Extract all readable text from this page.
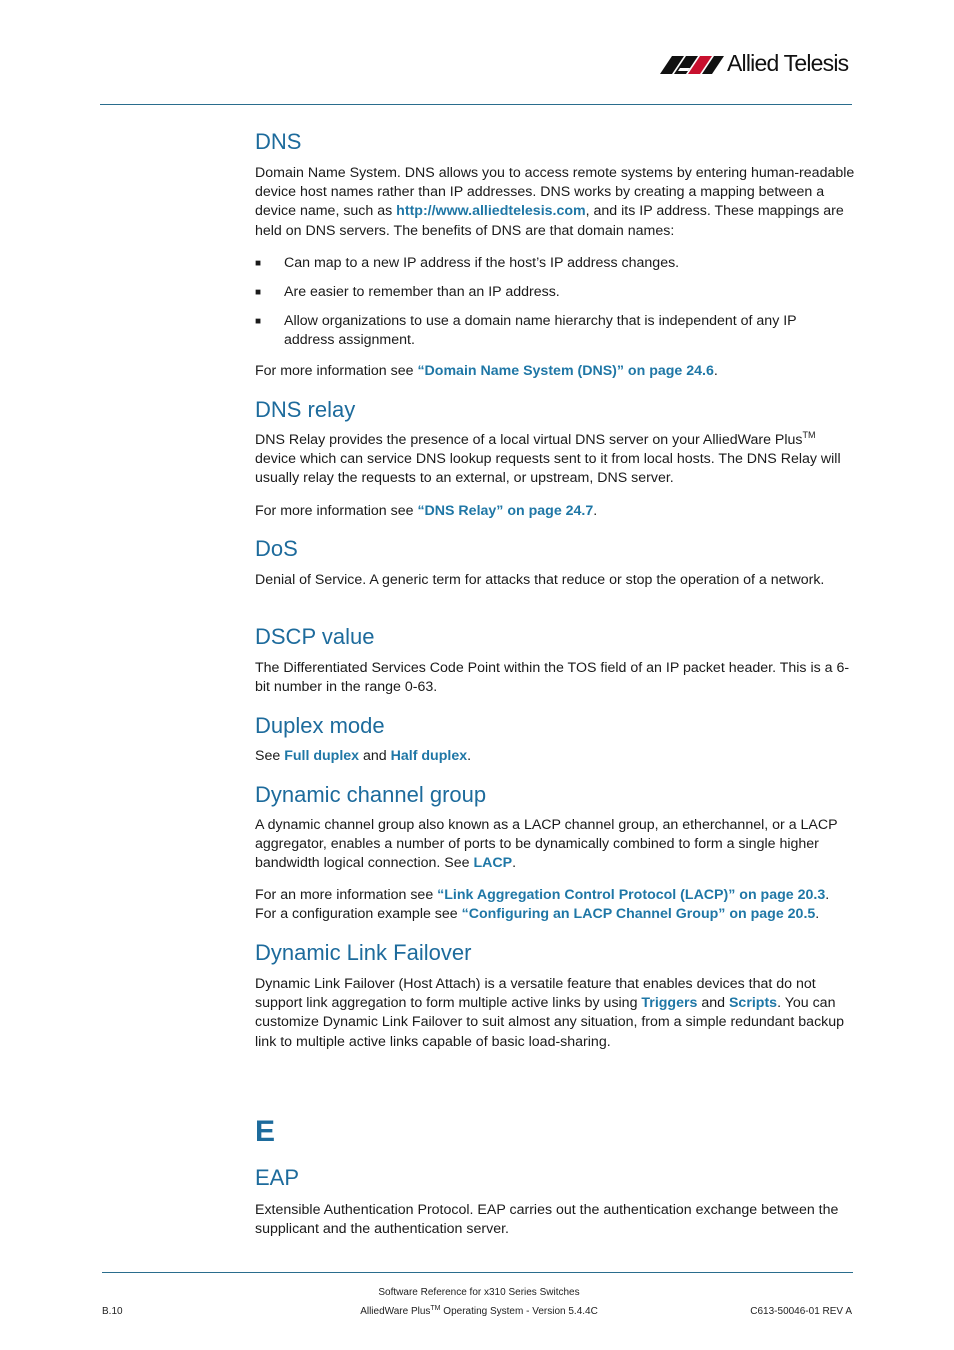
Allied Telesis
DNS

Domain Name System. DNS allows you to access remote systems by entering human-readable device host names rather than IP addresses. DNS works by creating a mapping between a device name, such as http://www.alliedtelesis.com, and its IP address. These mappings are held on DNS servers. The benefits of DNS are that domain names:

■ Can map to a new IP address if the host’s IP address changes.
■ Are easier to remember than an IP address.
■ Allow organizations to use a domain name hierarchy that is independent of any IP address assignment.

For more information see “Domain Name System (DNS)” on page 24.6.

DNS relay

DNS Relay provides the presence of a local virtual DNS server on your AlliedWare Plus™ device which can service DNS lookup requests sent to it from local hosts. The DNS Relay will usually relay the requests to an external, or upstream, DNS server.

For more information see “DNS Relay” on page 24.7.

DoS

Denial of Service. A generic term for attacks that reduce or stop the operation of a network.

DSCP value

The Differentiated Services Code Point within the TOS field of an IP packet header. This is a 6-bit number in the range 0-63.

Duplex mode

See Full duplex and Half duplex.

Dynamic channel group

A dynamic channel group also known as a LACP channel group, an etherchannel, or a LACP aggregator, enables a number of ports to be dynamically combined to form a single higher bandwidth logical connection. See LACP.

For an more information see “Link Aggregation Control Protocol (LACP)” on page 20.3.
For a configuration example see “Configuring an LACP Channel Group” on page 20.5.

Dynamic Link Failover

Dynamic Link Failover (Host Attach) is a versatile feature that enables devices that do not support link aggregation to form multiple active links by using Triggers and Scripts. You can customize Dynamic Link Failover to suit almost any situation, from a simple redundant backup link to multiple active links capable of basic load-sharing.

E
EAP

Extensible Authentication Protocol. EAP carries out the authentication exchange between the supplicant and the authentication server.

Software Reference for x310 Series Switches
AlliedWare Plus™ Operating System - Version 5.4.4C
B.10	C613-50046-01 REV A
